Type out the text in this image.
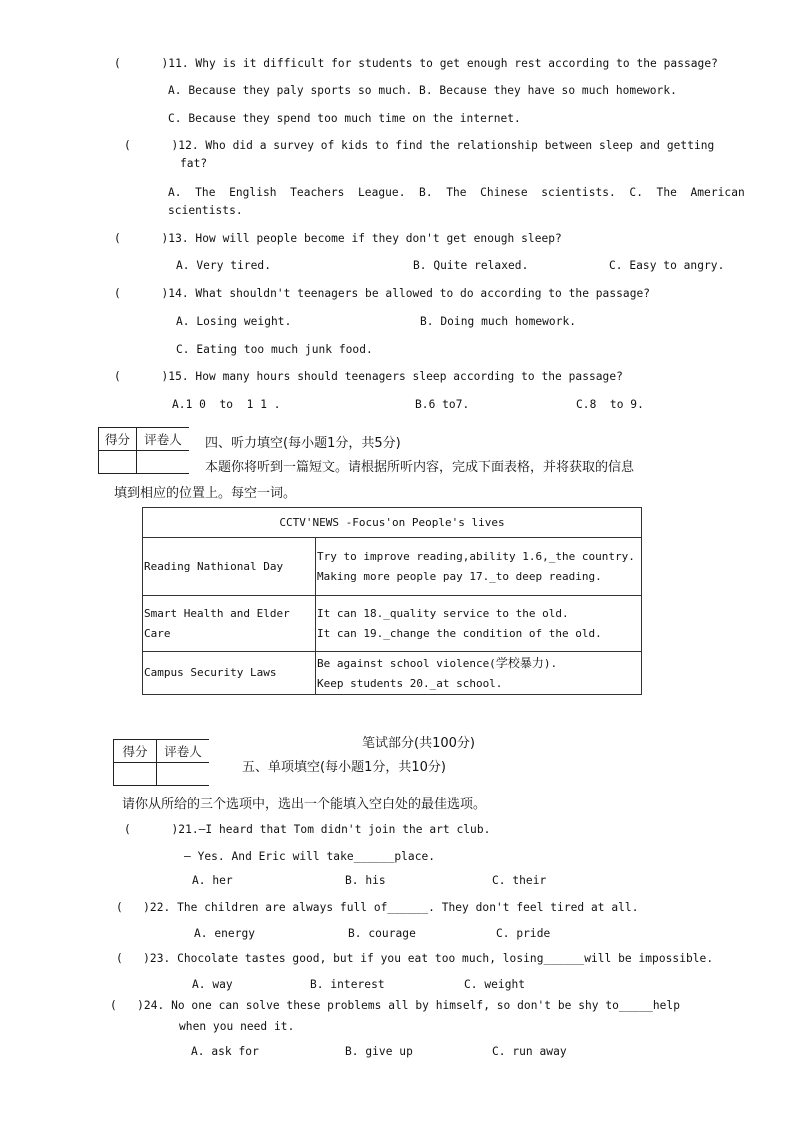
(      )11. Why is it difficult for students to get enough rest according to the passage?
A. Because they paly sports so much. B. Because they have so much homework.
C. Because they spend too much time on the internet.
(      )12. Who did a survey of kids to find the relationship between sleep and getting
fat?
A.  The  English  Teachers  League.  B.  The  Chinese  scientists.  C.  The  American
scientists.
(      )13. How will people become if they don't get enough sleep?
A. Very tired.	B. Quite relaxed.	C. Easy to angry.
(      )14. What shouldn't teenagers be allowed to do according to the passage?
A. Losing weight.	B. Doing much homework.
C. Eating too much junk food.
(      )15. How many hours should teenagers sleep according to the passage?
A.1 0  to  1 1 .	B.6 to7.	C.8  to 9.
得分	评卷人
	四、听力填空(每小题1分，共5分)
本题你将听到一篇短文。请根据所听内容，完成下面表格，并将获取的信息
填到相应的位置上。每空一词。
CCTV'NEWS -Focus'on People's lives	
Reading Nathional Day	Try to improve reading,ability 1.6,_the country.
Making more people pay 17._to deep reading.

Smart Health and Elder Care	It can 18._quality service to the old.
It can 19._change the condition of the old.

Campus Security Laws	Be against school violence(学校暴力).
Keep students 20._at school.
得分	评卷人

笔试部分(共100分)
五、单项填空(每小题1分，共10分)
请你从所给的三个选项中，选出一个能填入空白处的最佳选项。
(      )21.—I heard that Tom didn't join the art club.
— Yes. And Eric will take______place.
A. her	B. his	C. their
(   )22. The children are always full of______. They don't feel tired at all.
A. energy	B. courage	C. pride
(   )23. Chocolate tastes good, but if you eat too much, losing______will be impossible.
A. way	B. interest	C. weight
(   )24. No one can solve these problems all by himself, so don't be shy to_____help
when you need it.
A. ask for	B. give up	C. run away
